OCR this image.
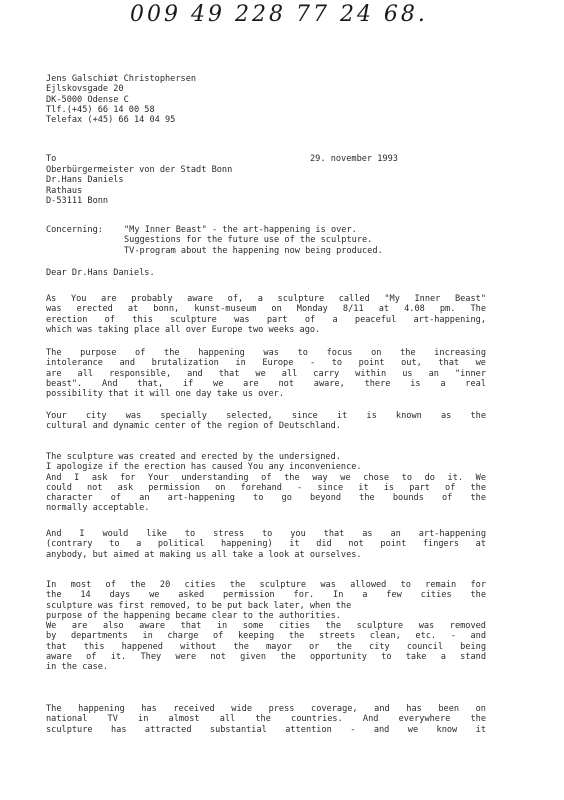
009 49 228 77 24 68.
Jens Galschiøt Christophersen
Ejlskovsgade 20
DK-5000 Odense C
Tlf.(+45) 66 14 00 58
Telefax (+45) 66 14 04 95
To	29. november 1993
Oberbürgermeister von der Stadt Bonn
Dr.Hans Daniels
Rathaus
D-53111 Bonn
Concerning: "My Inner Beast" - the art-happening is over.
Suggestions for the future use of the sculpture.
TV-program about the happening now being produced.
Dear Dr.Hans Daniels.
As You are probably aware of, a sculpture called "My Inner Beast"
was erected at bonn, kunst-museum on Monday 8/11 at 4.08 pm. The
erection of this sculpture was part of a peaceful art-happening,
which was taking place all over Europe two weeks ago.
The purpose of the happening was to focus on the increasing
intolerance and brutalization in Europe - to point out, that we
are all responsible, and that we all carry within us an "inner
beast". And that, if we are not aware, there is a real
possibility that it will one day take us over.
Your city was specially selected, since it is known as the
cultural and dynamic center of the region of Deutschland.
The sculpture was created and erected by the undersigned.
I apologize if the erection has caused You any inconvenience.
And I ask for Your understanding of the way we chose to do it. We
could not ask permission on forehand - since it is part of the
character of an art-happening to go beyond the bounds of the
normally acceptable.
And I would like to stress to you that as an art-happening
(contrary to a political happening) it did not point fingers at
anybody, but aimed at making us all take a look at ourselves.
In most of the 20 cities the sculpture was allowed to remain for
the 14 days we asked permission for. In a few cities the
sculpture was first removed, to be put back later, when the
purpose of the happening became clear to the authorities.
We are also aware that in some cities the sculpture was removed
by departments in charge of keeping the streets clean, etc. - and
that this happened without the mayor or the city council being
aware of it. They were not given the opportunity to take a stand
in the case.
The happening has received wide press coverage, and has been on
national TV in almost all the countries. And everywhere the
sculpture has attracted substantial attention - and we know it
